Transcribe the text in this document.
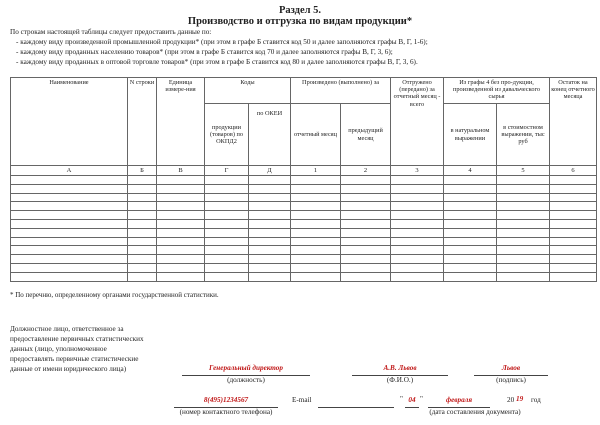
Раздел 5.
Производство и отгрузка по видам продукции*
По строкам настоящей таблицы следует предоставить данные по:
- каждому виду произведенной промышленной продукции* (при этом в графе Б ставится код 50 и далее заполняются графы В, Г, 1-6);
- каждому виду проданных населению товаров* (при этом в графе Б ставится код 70 и далее заполняются графы В, Г, 3, 6);
- каждому виду проданных в оптовой торговле товаров* (при этом в графе Б ставится код 80 и далее заполняются графы В, Г, 3, 6).
Наименование	N строки	Единица измере-ния	Коды		Произведено (выполнено) за		Отгружено (передано) за отчетный месяц - всего	Из графы 4 без про-дукции, произведенной из давальческого сырья		Остаток на конец отчетного месяца
			продукции (товаров) по ОКПД2	по ОКЕИ	отчетный месяц	предыдущий месяц		в натуральном выражении	в стоимостном выражении, тыс руб	
А	Б	В	Г	Д	1	2	3	4	5	6

* По перечню, определенному органами государственной статистики.
Должностное лицо, ответственное за
предоставление первичных статистических
данных (лицо, уполномоченное
предоставлять первичные статистические
данные от имени юридического лица)	Генеральный директор
(должность)
А.В. Львов
(Ф.И.О.)
Львов
(подпись)
8(495)1234567
(номер контактного телефона)
E-mail	" 04 "	февраля	20 19	год
(дата составления документа)
